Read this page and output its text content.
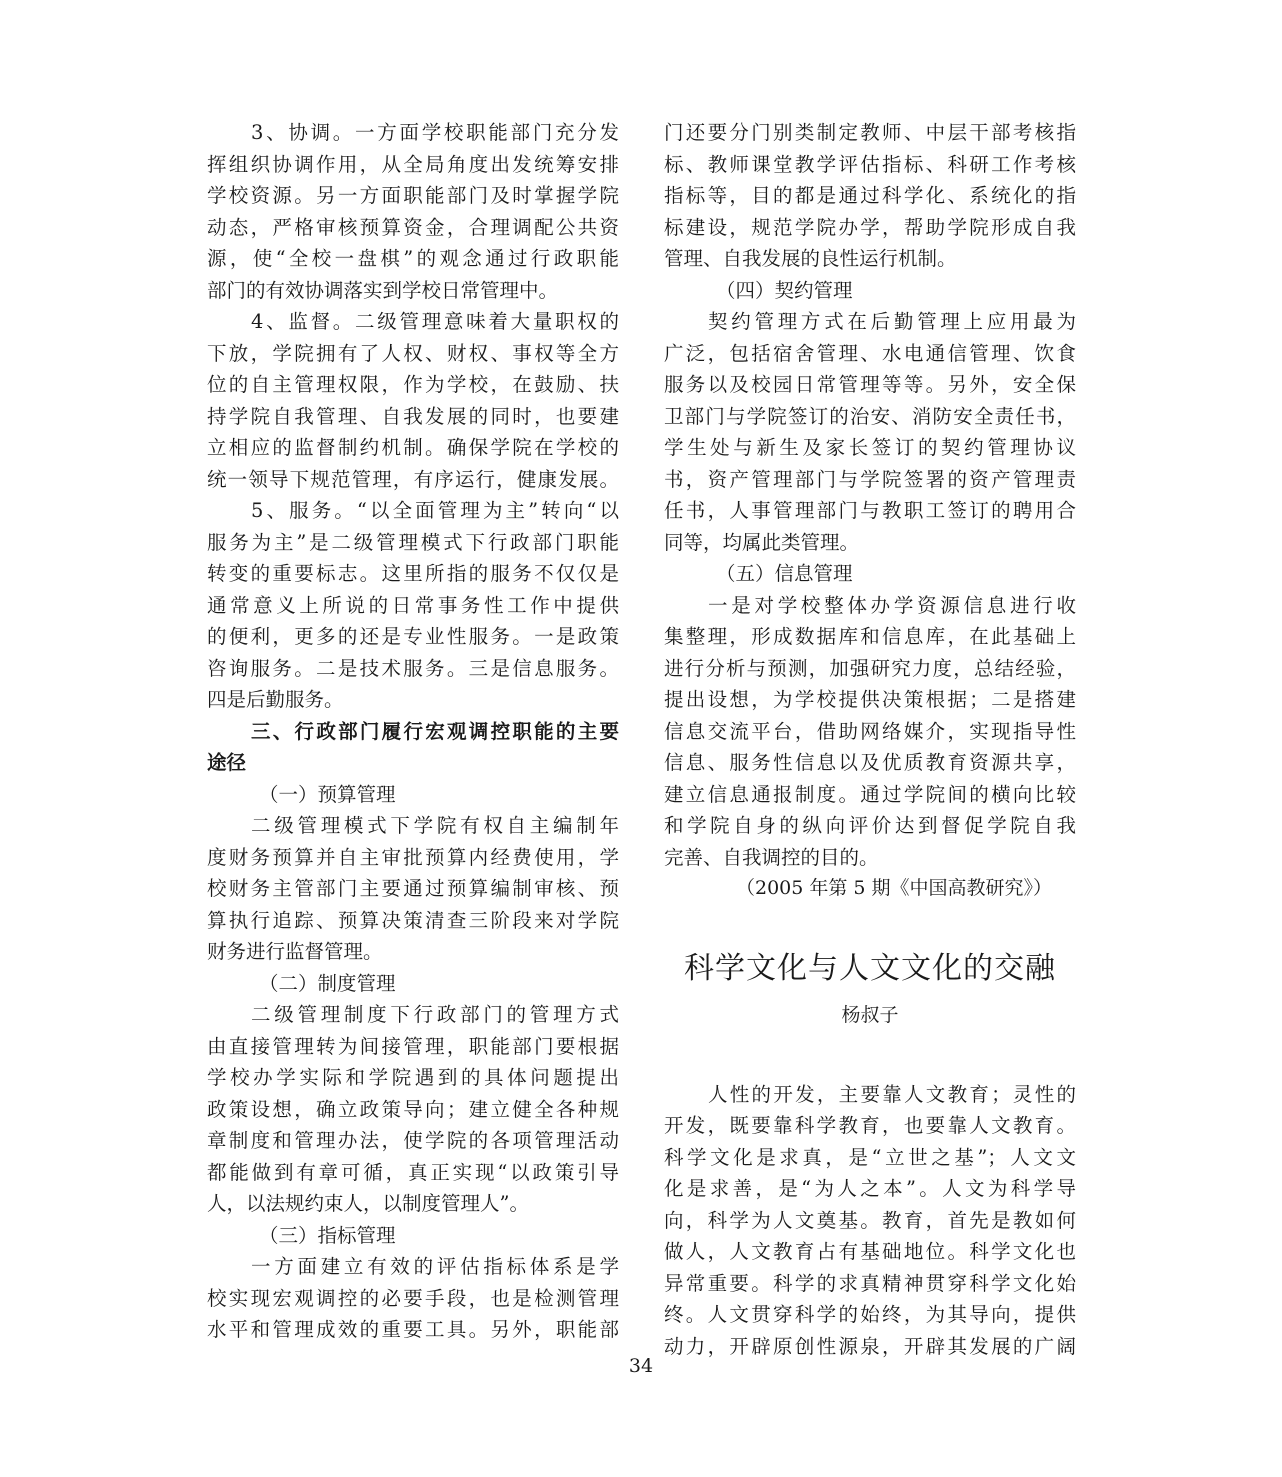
3、协调。一方面学校职能部门充分发
挥组织协调作用，从全局角度出发统筹安排
学校资源。另一方面职能部门及时掌握学院
动态，严格审核预算资金，合理调配公共资
源，使“全校一盘棋”的观念通过行政职能
部门的有效协调落实到学校日常管理中。
4、监督。二级管理意味着大量职权的
下放，学院拥有了人权、财权、事权等全方
位的自主管理权限，作为学校，在鼓励、扶
持学院自我管理、自我发展的同时，也要建
立相应的监督制约机制。确保学院在学校的
统一领导下规范管理，有序运行，健康发展。
5、服务。“以全面管理为主”转向“以
服务为主”是二级管理模式下行政部门职能
转变的重要标志。这里所指的服务不仅仅是
通常意义上所说的日常事务性工作中提供
的便利，更多的还是专业性服务。一是政策
咨询服务。二是技术服务。三是信息服务。
四是后勤服务。
三、行政部门履行宏观调控职能的主要
途径
（一）预算管理
二级管理模式下学院有权自主编制年
度财务预算并自主审批预算内经费使用，学
校财务主管部门主要通过预算编制审核、预
算执行追踪、预算决策清查三阶段来对学院
财务进行监督管理。
（二）制度管理
二级管理制度下行政部门的管理方式
由直接管理转为间接管理，职能部门要根据
学校办学实际和学院遇到的具体问题提出
政策设想，确立政策导向；建立健全各种规
章制度和管理办法，使学院的各项管理活动
都能做到有章可循，真正实现“以政策引导
人，以法规约束人，以制度管理人”。
（三）指标管理
一方面建立有效的评估指标体系是学
校实现宏观调控的必要手段，也是检测管理
水平和管理成效的重要工具。另外，职能部
门还要分门别类制定教师、中层干部考核指
标、教师课堂教学评估指标、科研工作考核
指标等，目的都是通过科学化、系统化的指
标建设，规范学院办学，帮助学院形成自我
管理、自我发展的良性运行机制。
（四）契约管理
契约管理方式在后勤管理上应用最为
广泛，包括宿舍管理、水电通信管理、饮食
服务以及校园日常管理等等。另外，安全保
卫部门与学院签订的治安、消防安全责任书，
学生处与新生及家长签订的契约管理协议
书，资产管理部门与学院签署的资产管理责
任书，人事管理部门与教职工签订的聘用合
同等，均属此类管理。
（五）信息管理
一是对学校整体办学资源信息进行收
集整理，形成数据库和信息库，在此基础上
进行分析与预测，加强研究力度，总结经验，
提出设想，为学校提供决策根据；二是搭建
信息交流平台，借助网络媒介，实现指导性
信息、服务性信息以及优质教育资源共享，
建立信息通报制度。通过学院间的横向比较
和学院自身的纵向评价达到督促学院自我
完善、自我调控的目的。
（2005 年第 5 期《中国高教研究》）
科学文化与人文文化的交融
杨叔子
人性的开发，主要靠人文教育；灵性的
开发，既要靠科学教育，也要靠人文教育。
科学文化是求真，是“立世之基”；人文文
化是求善，是“为人之本”。人文为科学导
向，科学为人文奠基。教育，首先是教如何
做人，人文教育占有基础地位。科学文化也
异常重要。科学的求真精神贯穿科学文化始
终。人文贯穿科学的始终，为其导向，提供
动力，开辟原创性源泉，开辟其发展的广阔
34
